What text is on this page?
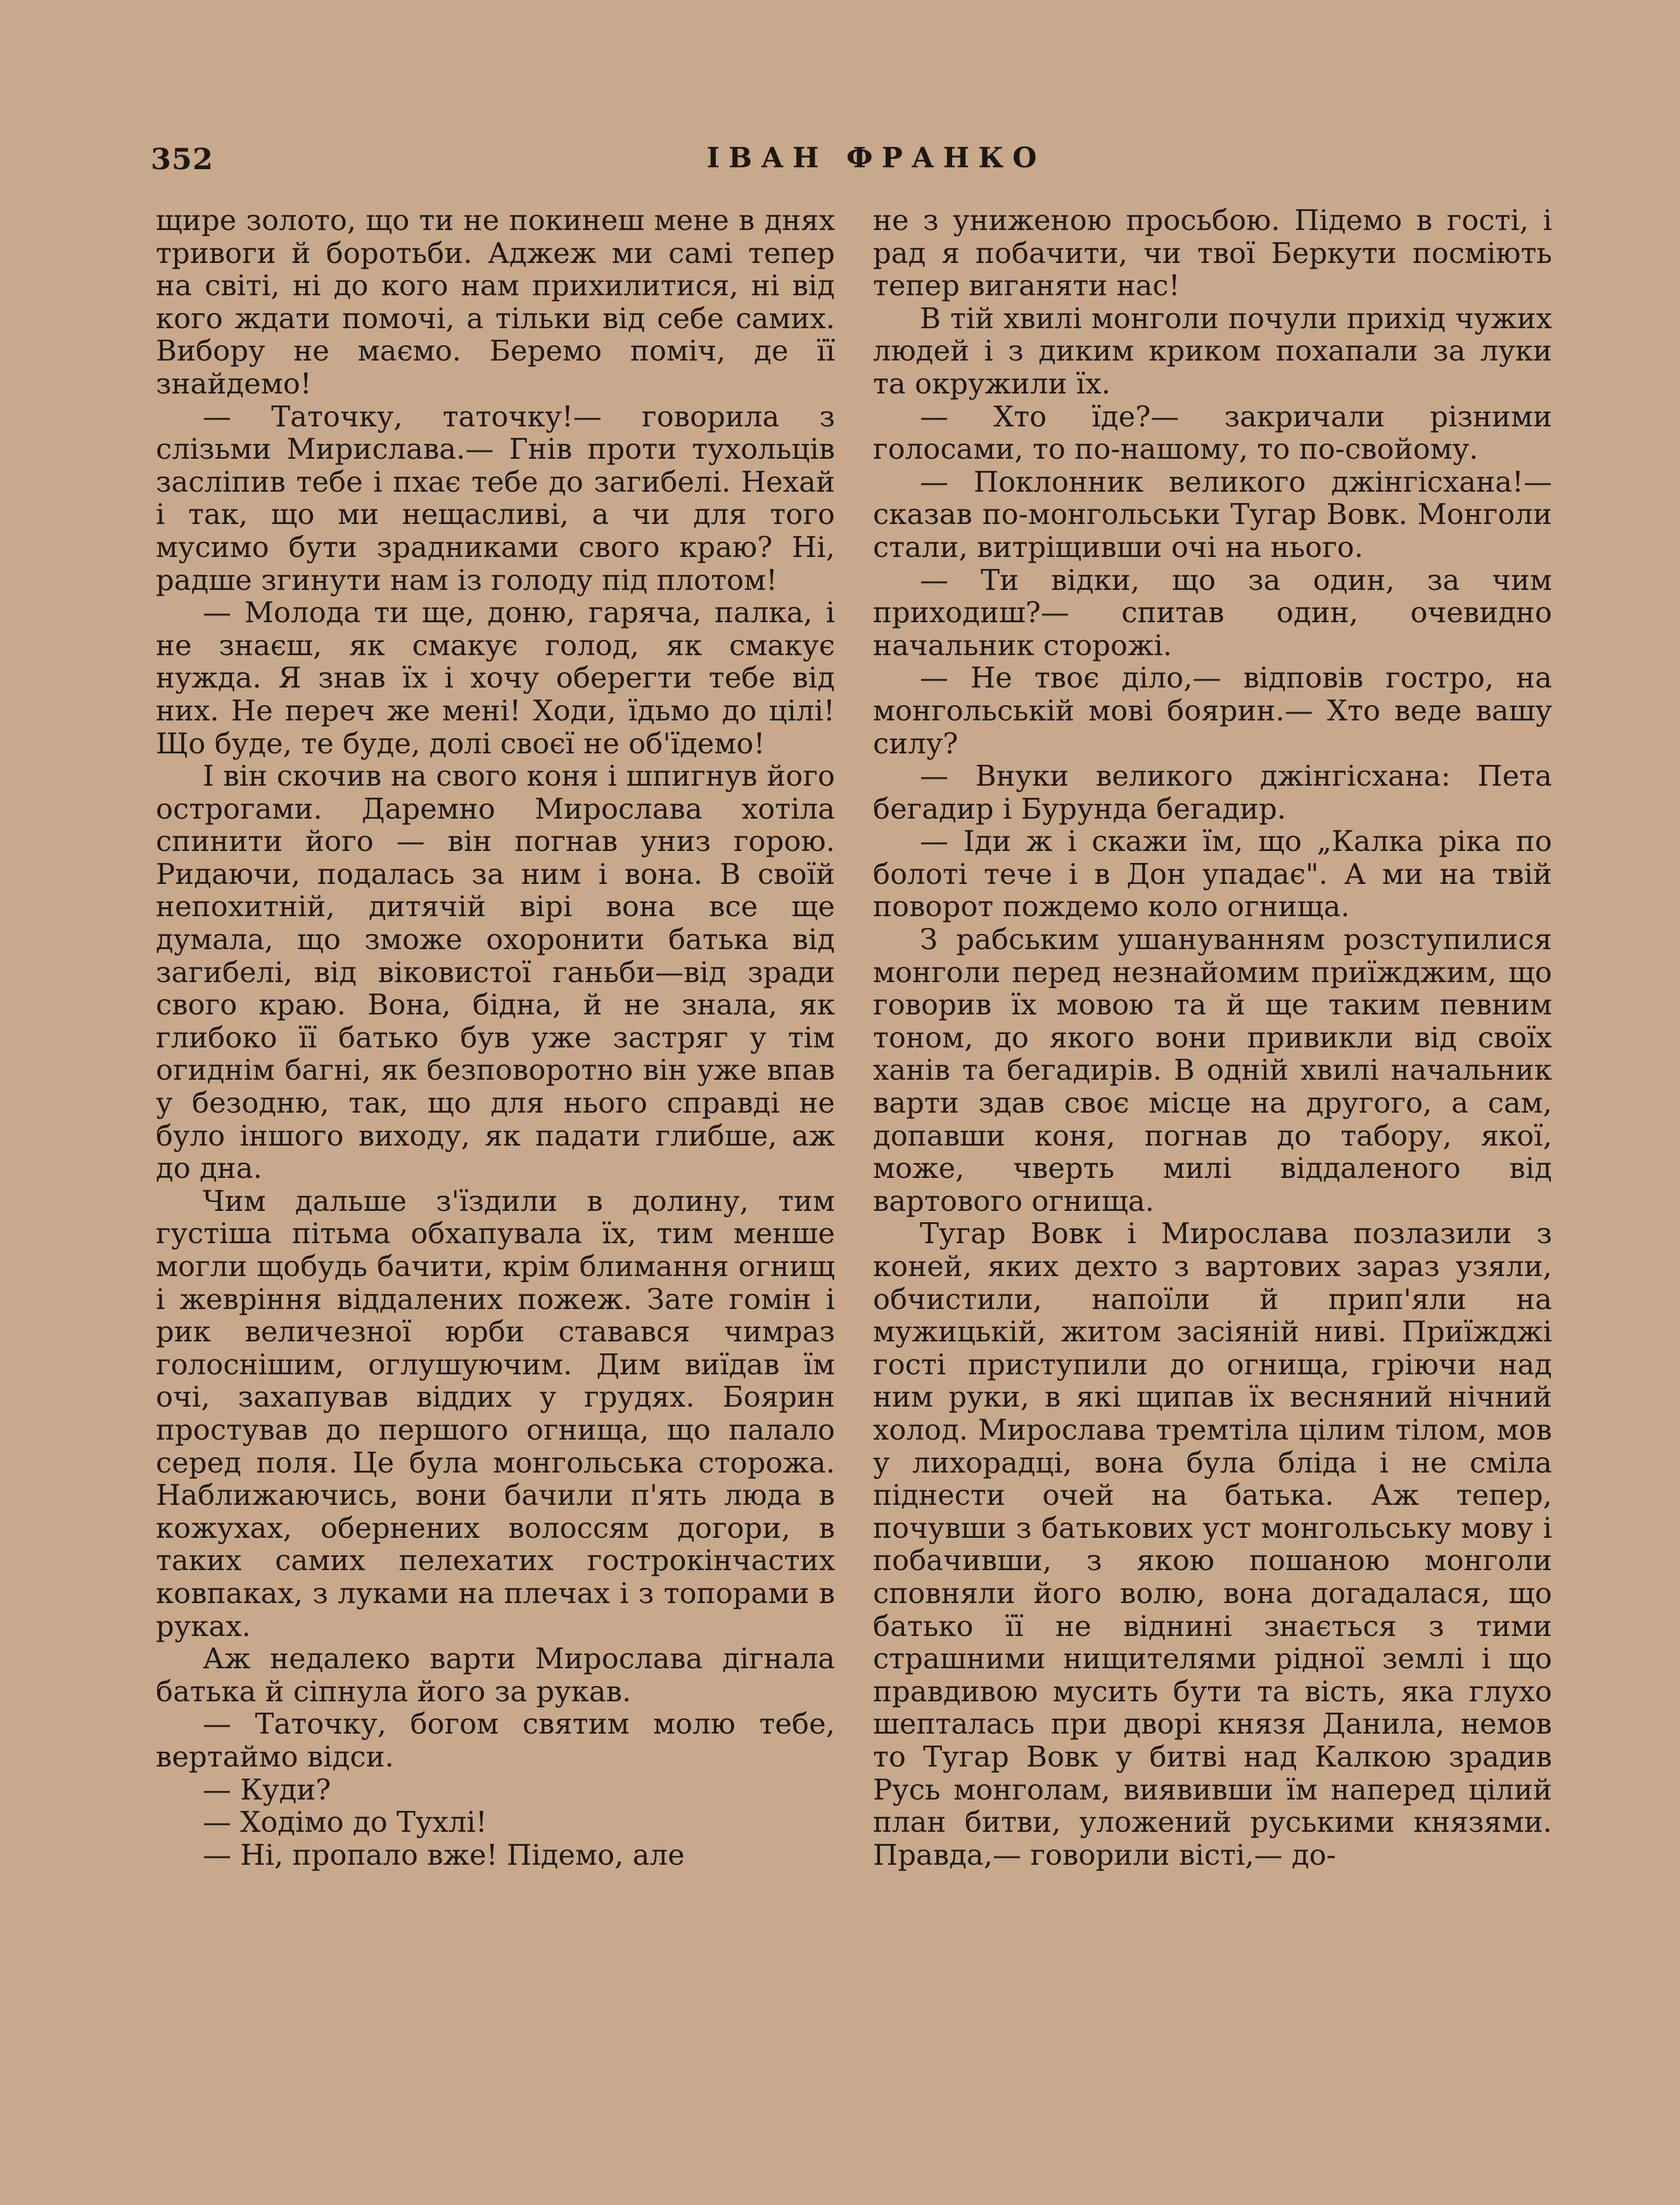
352	ІВАН ФРАНКО

щире золото, що ти не покинеш мене в днях тривоги й боротьби. Аджеж ми самі тепер на світі, ні до кого нам прихилитися, ні від кого ждати помочі, а тільки від себе самих. Вибору не маємо. Беремо поміч, де її знайдемо!

— Таточку, таточку!— говорила з слізьми Мирислава.— Гнів проти тухольців засліпив тебе і пхає тебе до загибелі. Нехай і так, що ми нещасливі, а чи для того мусимо бути зрадниками свого краю? Ні, радше згинути нам із голоду під плотом!

— Молода ти ще, доню, гаряча, палка, і не знаєш, як смакує голод, як смакує нужда. Я знав їх і хочу оберегти тебе від них. Не переч же мені! Ходи, їдьмо до цілі! Що буде, те буде, долі своєї не об'їдемо!

І він скочив на свого коня і шпигнув його острогами. Даремно Мирослава хотіла спинити його — він погнав униз горою. Ридаючи, подалась за ним і вона. В своїй непохитній, дитячій вірі вона все ще думала, що зможе охоронити батька від загибелі, від віковистої ганьби—від зради свого краю. Вона, бідна, й не знала, як глибоко її батько був уже застряг у тім огиднім багні, як безповоротно він уже впав у безодню, так, що для нього справді не було іншого виходу, як падати глибше, аж до дна.

Чим дальше з'їздили в долину, тим густіша пітьма обхапувала їх, тим менше могли щобудь бачити, крім блимання огнищ і жевріння віддалених пожеж. Зате гомін і рик величезної юрби ставався чимраз голоснішим, оглушуючим. Дим виїдав їм очі, захапував віддих у грудях. Боярин простував до першого огнища, що палало серед поля. Це була монгольська сторожа. Наближаючись, вони бачили п'ять люда в кожухах, обернених волоссям догори, в таких самих пелехатих гострокінчастих ковпаках, з луками на плечах і з топорами в руках.

Аж недалеко варти Мирослава дігнала батька й сіпнула його за рукав.

— Таточку, богом святим молю тебе, вертаймо відси.

— Куди?

— Ходімо до Тухлі!

— Ні, пропало вже! Підемо, але

не з униженою просьбою. Підемо в гості, і рад я побачити, чи твої Беркути посміють тепер виганяти нас!

В тій хвилі монголи почули прихід чужих людей і з диким криком похапали за луки та окружили їх.

— Хто їде?— закричали різними голосами, то по-нашому, то по-свойому.

— Поклонник великого джінгісхана!— сказав по-монгольськи Тугар Вовк. Монголи стали, витріщивши очі на нього.

— Ти відки, що за один, за чим приходиш?— спитав один, очевидно начальник сторожі.

— Не твоє діло,— відповів гостро, на монгольській мові боярин.— Хто веде вашу силу?

— Внуки великого джінгісхана: Пета бегадир і Бурунда бегадир.

— Іди ж і скажи їм, що „Калка ріка по болоті тече і в Дон упадає". А ми на твій поворот пождемо коло огнища.

З рабським ушануванням розступилися монголи перед незнайомим приїжджим, що говорив їх мовою та й ще таким певним тоном, до якого вони привикли від своїх ханів та бегадирів. В одній хвилі начальник варти здав своє місце на другого, а сам, допавши коня, погнав до табору, якої, може, чверть милі віддаленого від вартового огнища.

Тугар Вовк і Мирослава позлазили з коней, яких дехто з вартових зараз узяли, обчистили, напоїли й прип'яли на мужицькій, житом засіяній ниві. Приїжджі гості приступили до огнища, гріючи над ним руки, в які щипав їх весняний нічний холод. Мирослава тремтіла цілим тілом, мов у лихорадці, вона була бліда і не сміла піднести очей на батька. Аж тепер, почувши з батькових уст монгольську мову і побачивши, з якою пошаною монголи сповняли його волю, вона догадалася, що батько її не віднині знається з тими страшними нищителями рідної землі і що правдивою мусить бути та вість, яка глухо шепталась при дворі князя Данила, немов то Тугар Вовк у битві над Калкою зрадив Русь монголам, виявивши їм наперед цілий план битви, уложений руськими князями. Правда,— говорили вісті,— до-
